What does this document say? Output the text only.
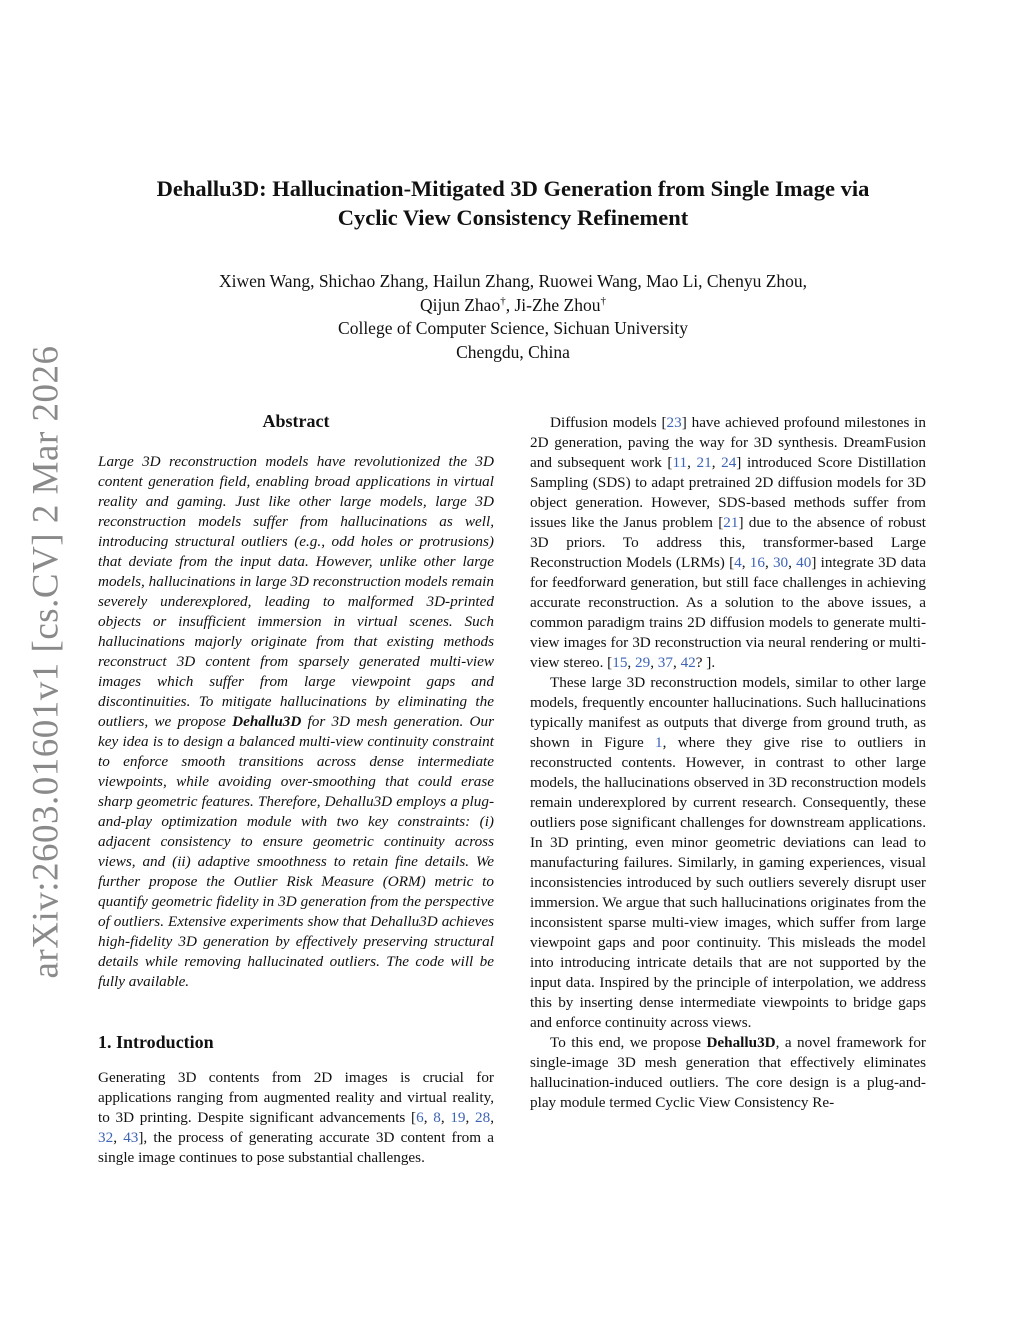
arXiv:2603.01601v1 [cs.CV] 2 Mar 2026
Dehallu3D: Hallucination-Mitigated 3D Generation from Single Image via
Cyclic View Consistency Refinement
Xiwen Wang, Shichao Zhang, Hailun Zhang, Ruowei Wang, Mao Li, Chenyu Zhou,
Qijun Zhao†, Ji-Zhe Zhou†
College of Computer Science, Sichuan University
Chengdu, China
Abstract
Large 3D reconstruction models have revolutionized the 3D content generation field, enabling broad applications in virtual reality and gaming. Just like other large models, large 3D reconstruction models suffer from hallucinations as well, introducing structural outliers (e.g., odd holes or protrusions) that deviate from the input data. However, unlike other large models, hallucinations in large 3D reconstruction models remain severely underexplored, leading to malformed 3D-printed objects or insufficient immersion in virtual scenes. Such hallucinations majorly originate from that existing methods reconstruct 3D content from sparsely generated multi-view images which suffer from large viewpoint gaps and discontinuities. To mitigate hallucinations by eliminating the outliers, we propose Dehallu3D for 3D mesh generation. Our key idea is to design a balanced multi-view continuity constraint to enforce smooth transitions across dense intermediate viewpoints, while avoiding over-smoothing that could erase sharp geometric features. Therefore, Dehallu3D employs a plug-and-play optimization module with two key constraints: (i) adjacent consistency to ensure geometric continuity across views, and (ii) adaptive smoothness to retain fine details. We further propose the Outlier Risk Measure (ORM) metric to quantify geometric fidelity in 3D generation from the perspective of outliers. Extensive experiments show that Dehallu3D achieves high-fidelity 3D generation by effectively preserving structural details while removing hallucinated outliers. The code will be fully available.
1. Introduction
Generating 3D contents from 2D images is crucial for applications ranging from augmented reality and virtual reality, to 3D printing. Despite significant advancements [6, 8, 19, 28, 32, 43], the process of generating accurate 3D content from a single image continues to pose substantial challenges.

Diffusion models [23] have achieved profound milestones in 2D generation, paving the way for 3D synthesis. DreamFusion and subsequent work [11, 21, 24] introduced Score Distillation Sampling (SDS) to adapt pretrained 2D diffusion models for 3D object generation. However, SDS-based methods suffer from issues like the Janus problem [21] due to the absence of robust 3D priors. To address this, transformer-based Large Reconstruction Models (LRMs) [4, 16, 30, 40] integrate 3D data for feedforward generation, but still face challenges in achieving accurate reconstruction. As a solution to the above issues, a common paradigm trains 2D diffusion models to generate multi-view images for 3D reconstruction via neural rendering or multi-view stereo. [15, 29, 37, 42? ].

These large 3D reconstruction models, similar to other large models, frequently encounter hallucinations. Such hallucinations typically manifest as outputs that diverge from ground truth, as shown in Figure 1, where they give rise to outliers in reconstructed contents. However, in contrast to other large models, the hallucinations observed in 3D reconstruction models remain underexplored by current research. Consequently, these outliers pose significant challenges for downstream applications. In 3D printing, even minor geometric deviations can lead to manufacturing failures. Similarly, in gaming experiences, visual inconsistencies introduced by such outliers severely disrupt user immersion. We argue that such hallucinations originates from the inconsistent sparse multi-view images, which suffer from large viewpoint gaps and poor continuity. This misleads the model into introducing intricate details that are not supported by the input data. Inspired by the principle of interpolation, we address this by inserting dense intermediate viewpoints to bridge gaps and enforce continuity across views.

To this end, we propose Dehallu3D, a novel framework for single-image 3D mesh generation that effectively eliminates hallucination-induced outliers. The core design is a plug-and-play module termed Cyclic View Consistency Re-
